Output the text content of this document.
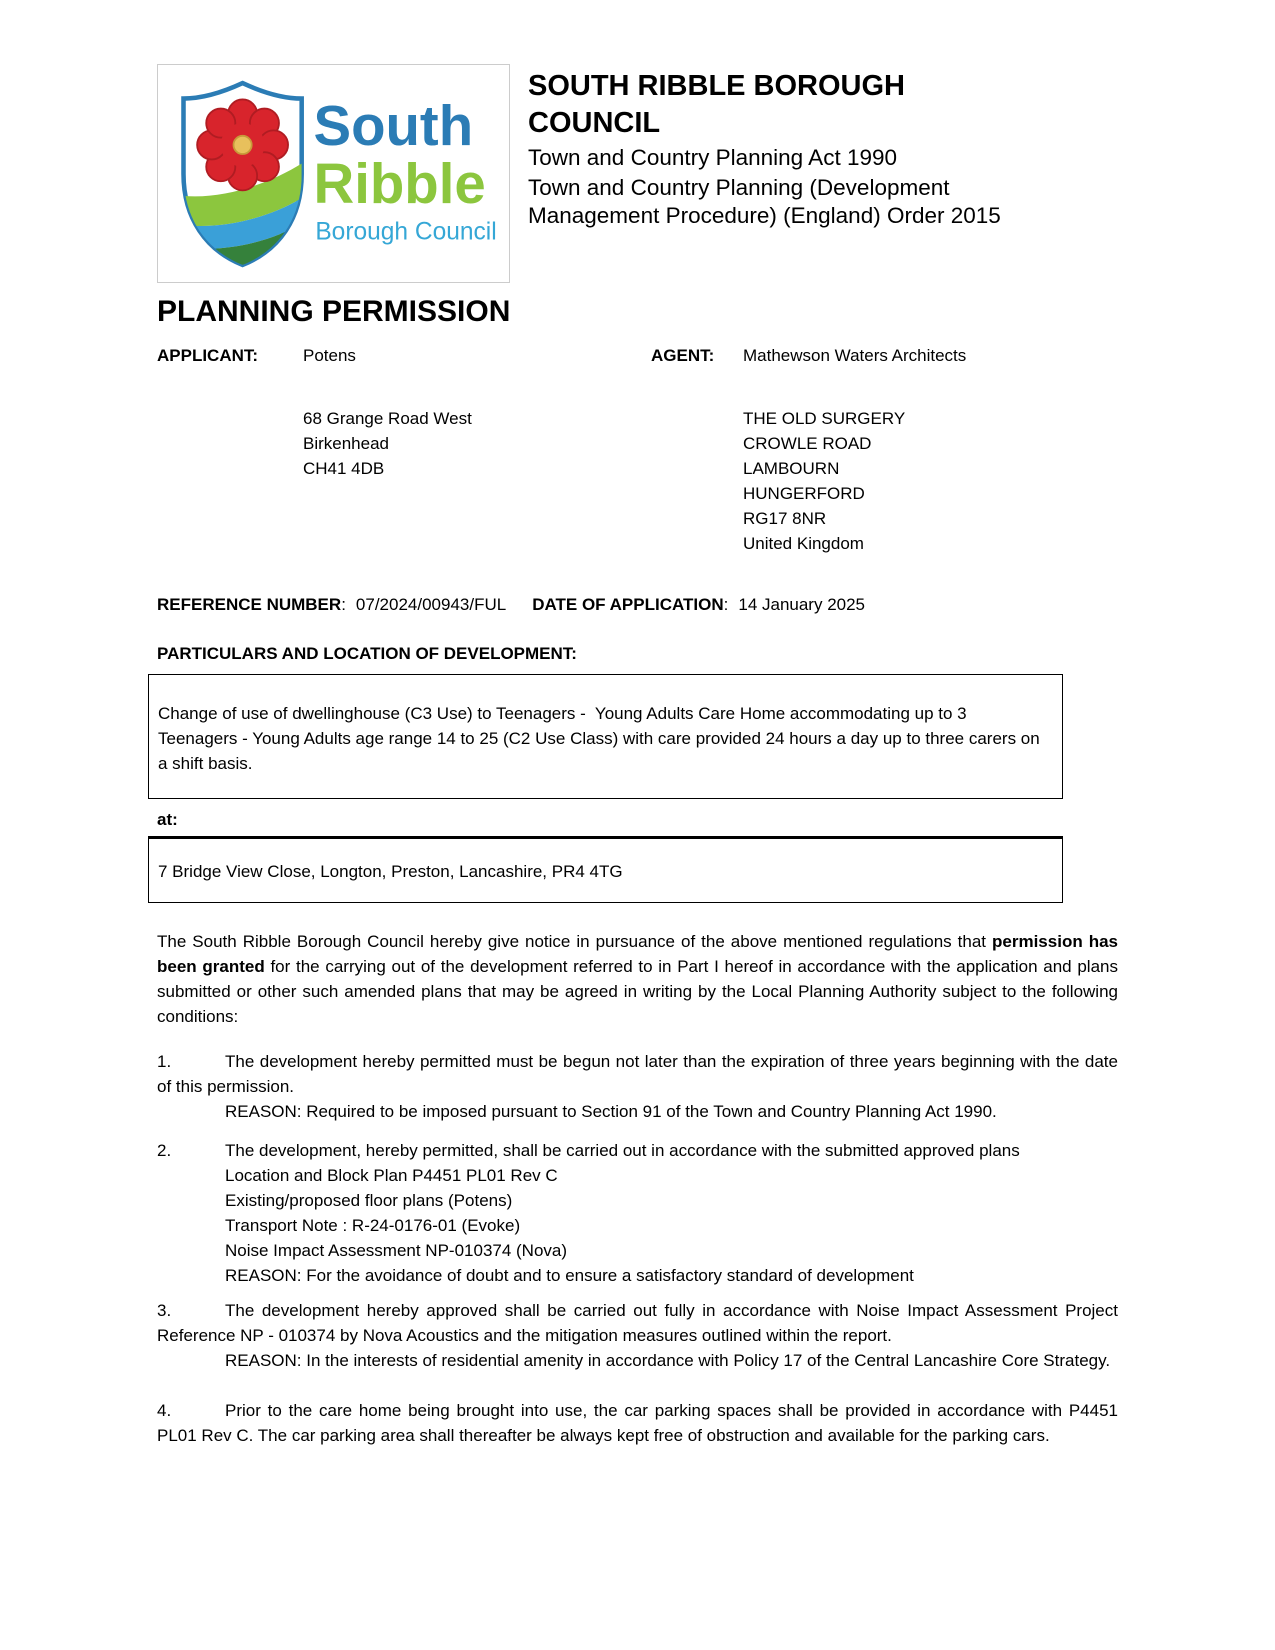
South
Ribble
Borough Council
SOUTH RIBBLE BOROUGH COUNCIL
Town and Country Planning Act 1990
Town and Country Planning (Development Management Procedure) (England) Order 2015
PLANNING PERMISSION
APPLICANT:	Potens	AGENT:	Mathewson Waters Architects
68 Grange Road West
Birkenhead
CH41 4DB
THE OLD SURGERY
CROWLE ROAD
LAMBOURN
HUNGERFORD
RG17 8NR
United Kingdom
REFERENCE NUMBER: 07/2024/00943/FUL DATE OF APPLICATION: 14 January 2025
PARTICULARS AND LOCATION OF DEVELOPMENT:
Change of use of dwellinghouse (C3 Use) to Teenagers -  Young Adults Care Home accommodating up to 3 Teenagers - Young Adults age range 14 to 25 (C2 Use Class) with care provided 24 hours a day up to three carers on a shift basis.
at:
7 Bridge View Close, Longton, Preston, Lancashire, PR4 4TG

The South Ribble Borough Council hereby give notice in pursuance of the above mentioned regulations that permission has been granted for the carrying out of the development referred to in Part I hereof in accordance with the application and plans submitted or other such amended plans that may be agreed in writing by the Local Planning Authority subject to the following conditions:

1.	The development hereby permitted must be begun not later than the expiration of three years beginning with the date of this permission.

REASON: Required to be imposed pursuant to Section 91 of the Town and Country Planning Act 1990.

2.	The development, hereby permitted, shall be carried out in accordance with the submitted approved plans

Location and Block Plan P4451 PL01 Rev C
Existing/proposed floor plans (Potens)
Transport Note : R-24-0176-01 (Evoke)
Noise Impact Assessment NP-010374 (Nova)
REASON: For the avoidance of doubt and to ensure a satisfactory standard of development

3.	The development hereby approved shall be carried out fully in accordance with Noise Impact Assessment Project Reference NP - 010374 by Nova Acoustics and the mitigation measures outlined within the report.

REASON: In the interests of residential amenity in accordance with Policy 17 of the Central Lancashire Core Strategy.

4.	Prior to the care home being brought into use, the car parking spaces shall be provided in accordance with P4451 PL01 Rev C. The car parking area shall thereafter be always kept free of obstruction and available for the parking cars.
